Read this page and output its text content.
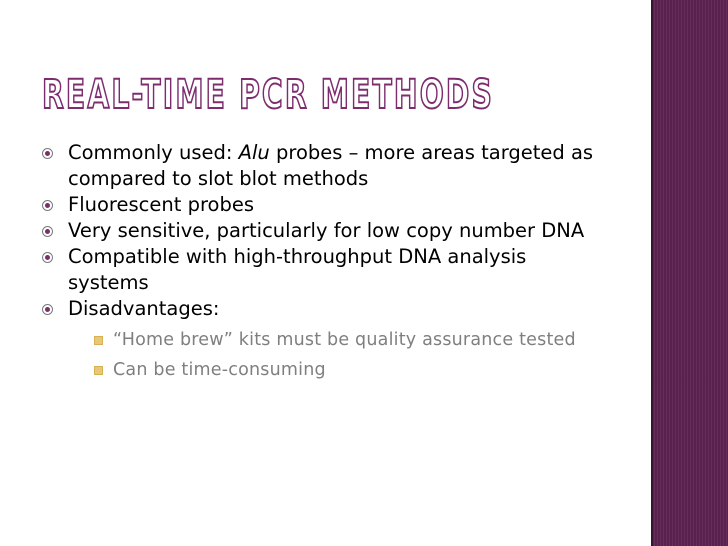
REAL-TIME PCR METHODS
Commonly used: Alu probes – more areas targeted as compared to slot blot methods
Fluorescent probes
Very sensitive, particularly for low copy number DNA
Compatible with high-throughput DNA analysis systems
Disadvantages:
“Home brew” kits must be quality assurance tested
Can be time-consuming
